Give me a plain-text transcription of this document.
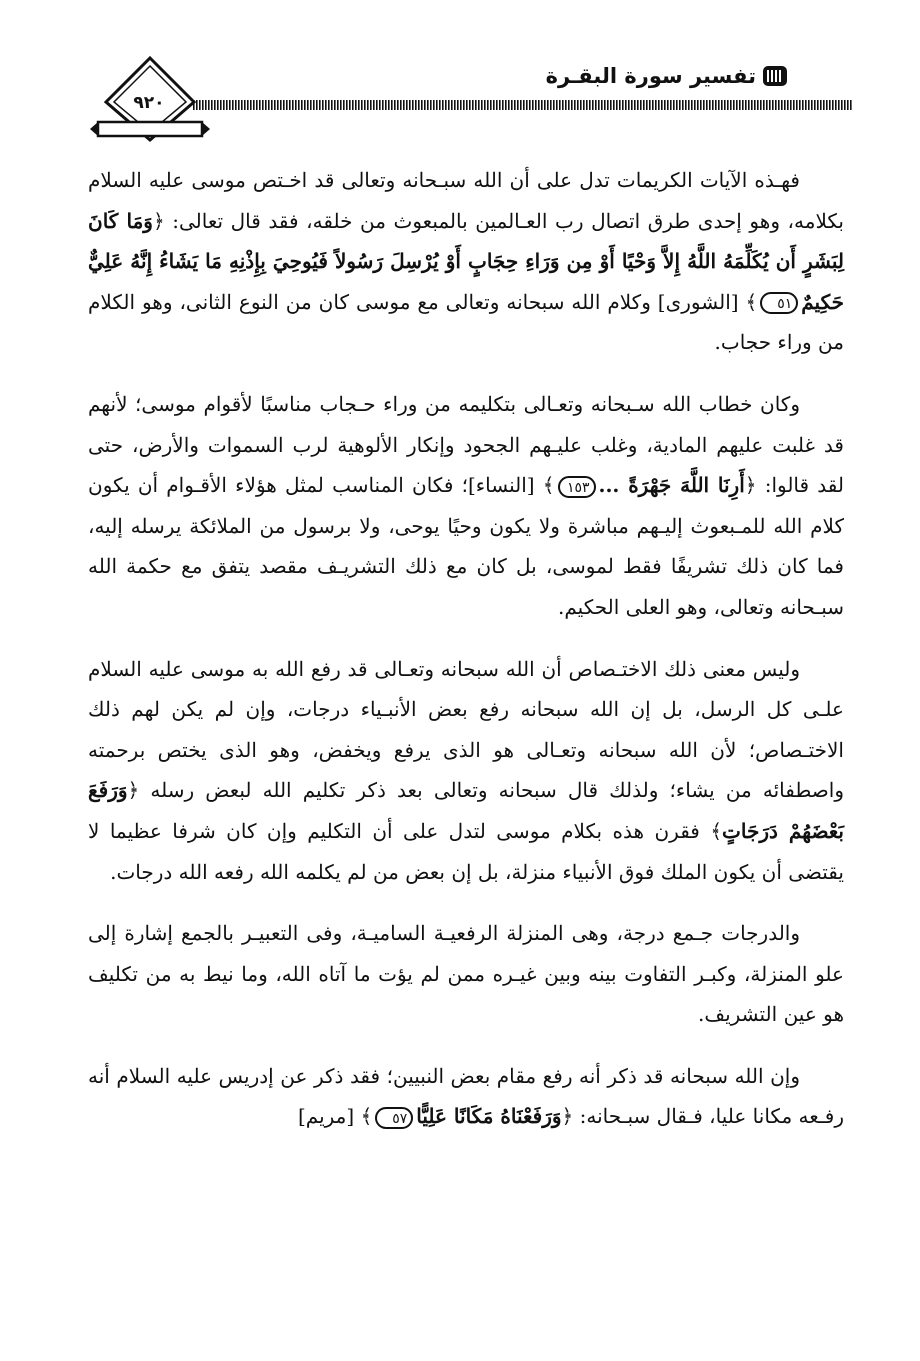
تفسير سورة البقـرة
٩٢٠

فهـذه الآيات الكريمات تدل على أن الله سبـحانه وتعالى قد اخـتص موسى عليه السلام بكلامه، وهو إحدى طرق اتصال رب العـالمين بالمبعوث من خلقه، فقد قال تعالى: ﴿وَمَا كَانَ لِبَشَرٍ أَن يُكَلِّمَهُ اللَّهُ إِلاَّ وَحْيًا أَوْ مِن وَرَاءِ حِجَابٍ أَوْ يُرْسِلَ رَسُولاً فَيُوحِيَ بِإِذْنِهِ مَا يَشَاءُ إِنَّهُ عَلِيٌّ حَكِيمٌ٥١﴾ [الشورى] وكلام الله سبحانه وتعالى مع موسى كان من النوع الثانى، وهو الكلام من وراء حجاب.

وكان خطاب الله سـبحانه وتعـالى بتكليمه من وراء حـجاب مناسبًا لأقوام موسى؛ لأنهم قد غلبت عليهم المادية، وغلب عليـهم الجحود وإنكار الألوهية لرب السموات والأرض، حتى لقد قالوا: ﴿أَرِنَا اللَّهَ جَهْرَةً ...١٥٣﴾ [النساء]؛ فكان المناسب لمثل هؤلاء الأقـوام أن يكون كلام الله للمـبعوث إليـهم مباشرة ولا يكون وحيًا يوحى، ولا برسول من الملائكة يرسله إليه، فما كان ذلك تشريفًا فقط لموسى، بل كان مع ذلك التشريـف مقصد يتفق مع حكمة الله سبـحانه وتعالى، وهو العلى الحكيم.

وليس معنى ذلك الاختـصاص أن الله سبحانه وتعـالى قد رفع الله به موسى عليه السلام علـى كل الرسل، بل إن الله سبحانه رفع بعض الأنبـياء درجات، وإن لم يكن لهم ذلك الاختـصاص؛ لأن الله سبحانه وتعـالى هو الذى يرفع ويخفض، وهو الذى يختص برحمته واصطفائه من يشاء؛ ولذلك قال سبحانه وتعالى بعد ذكر تكليم الله لبعض رسله ﴿وَرَفَعَ بَعْضَهُمْ دَرَجَاتٍ﴾ فقرن هذه بكلام موسى لتدل على أن التكليم وإن كان شرفا عظيما لا يقتضى أن يكون الملك فوق الأنبياء منزلة، بل إن بعض من لم يكلمه الله رفعه الله درجات.

والدرجات جـمع درجة، وهى المنزلة الرفعيـة الساميـة، وفى التعبيـر بالجمع إشارة إلى علو المنزلة، وكبـر التفاوت بينه وبين غيـره ممن لم يؤت ما آتاه الله، وما نيط به من تكليف هو عين التشريف.

وإن الله سبحانه قد ذكر أنه رفع مقام بعض النبيين؛ فقد ذكر عن إدريس عليه السلام أنه رفـعه مكانا عليا، فـقال سبـحانه: ﴿وَرَفَعْنَاهُ مَكَانًا عَلِيًّا٥٧﴾ [مريم]
